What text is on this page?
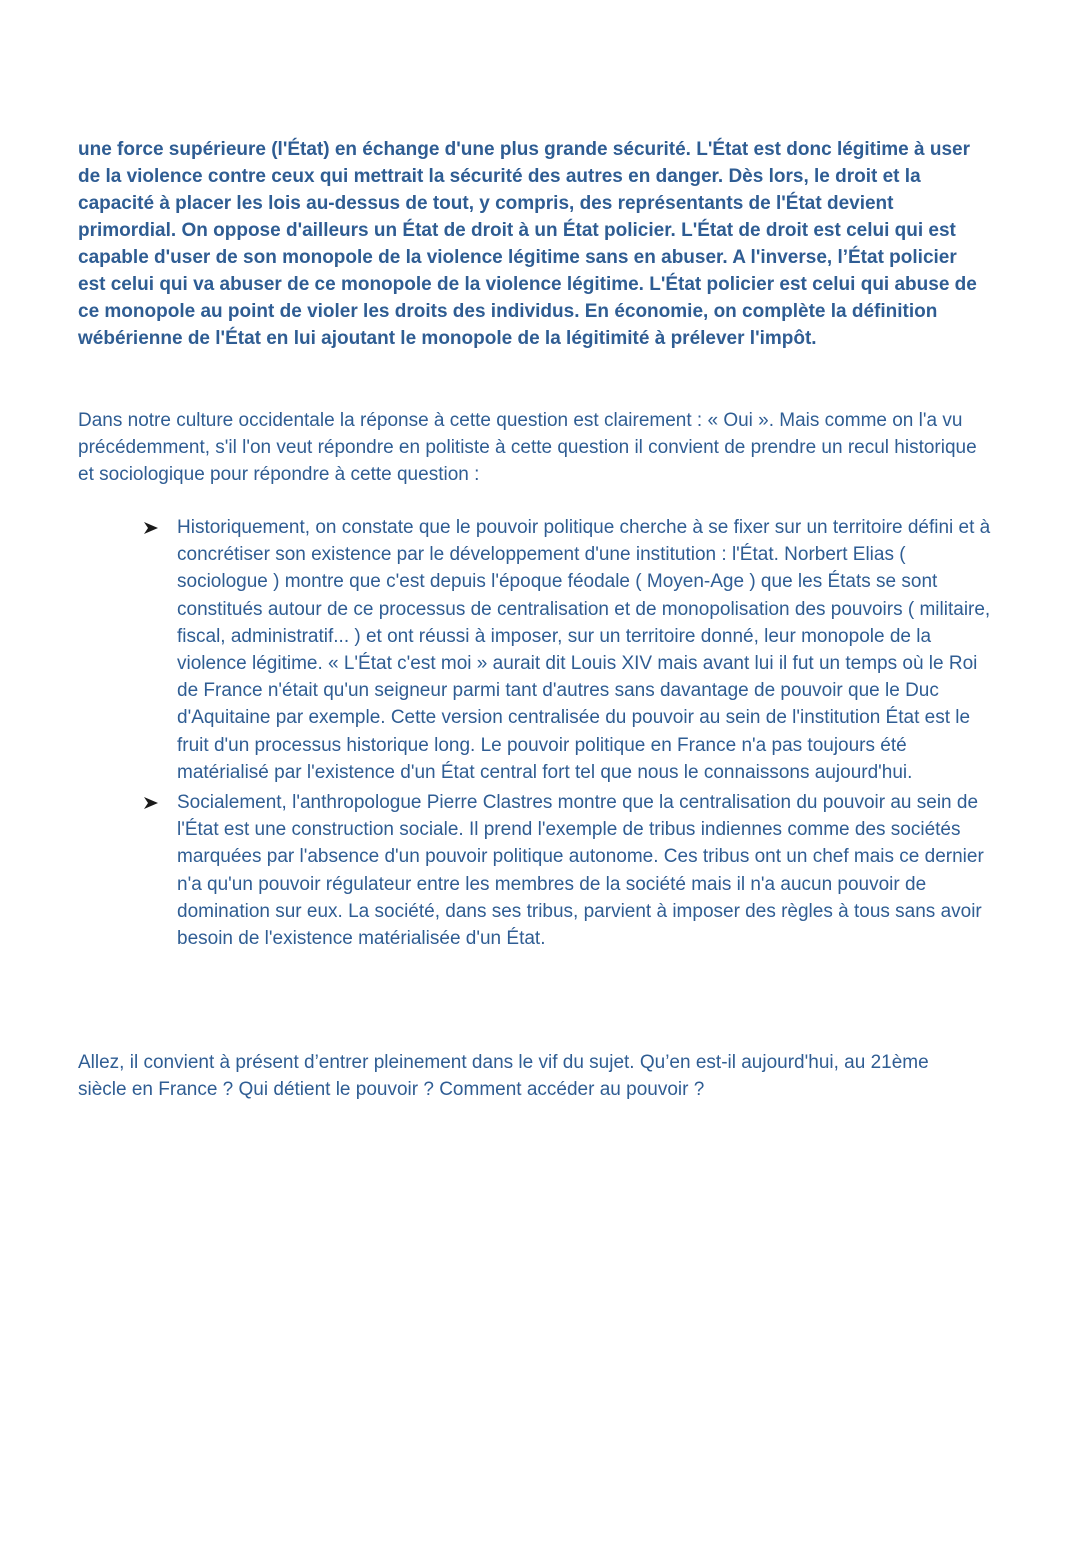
une force supérieure (l'État) en échange d'une plus grande sécurité. L'État est donc légitime à user de la violence contre ceux qui mettrait la sécurité des autres en danger. Dès lors, le droit et la capacité à placer les lois au-dessus de tout, y compris, des représentants de l'État devient primordial. On oppose d'ailleurs un État de droit à un État policier. L'État de droit est celui qui est capable d'user de son monopole de la violence légitime sans en abuser. A l'inverse, l’État policier est celui qui va abuser de ce monopole de la violence légitime. L'État policier est celui qui abuse de ce monopole au point de violer les droits des individus. En économie, on complète la définition wébérienne de l'État en lui ajoutant le monopole de la légitimité à prélever l'impôt.

Dans notre culture occidentale la réponse à cette question est clairement : « Oui ». Mais comme on l'a vu précédemment, s'il l'on veut répondre en politiste à cette question il convient de prendre un recul historique et sociologique pour répondre à cette question :

Historiquement, on constate que le pouvoir politique cherche à se fixer sur un territoire défini et à concrétiser son existence par le développement d'une institution : l'État. Norbert Elias ( sociologue ) montre que c'est depuis l'époque féodale ( Moyen-Age ) que les États se sont constitués autour de ce processus de centralisation et de monopolisation des pouvoirs ( militaire, fiscal, administratif... ) et ont réussi à imposer, sur un territoire donné, leur monopole de la violence légitime. « L'État c'est moi » aurait dit Louis XIV mais avant lui il fut un temps où le Roi de France n'était qu'un seigneur parmi tant d'autres sans davantage de pouvoir que le Duc d'Aquitaine par exemple. Cette version centralisée du pouvoir au sein de l'institution État est le fruit d'un processus historique long. Le pouvoir politique en France n'a pas toujours été matérialisé par l'existence d'un État central fort tel que nous le connaissons aujourd'hui.
Socialement, l'anthropologue Pierre Clastres montre que la centralisation du pouvoir au sein de l'État est une construction sociale. Il prend l'exemple de tribus indiennes comme des sociétés marquées par l'absence d'un pouvoir politique autonome. Ces tribus ont un chef mais ce dernier n'a qu'un pouvoir régulateur entre les membres de la société mais il n'a aucun pouvoir de domination sur eux. La société, dans ses tribus, parvient à imposer des règles à tous sans avoir besoin de l'existence matérialisée d'un État.

Allez, il convient à présent d’entrer pleinement dans le vif du sujet. Qu’en est-il aujourd'hui, au 21ème siècle en France ? Qui détient le pouvoir ? Comment accéder au pouvoir ?
